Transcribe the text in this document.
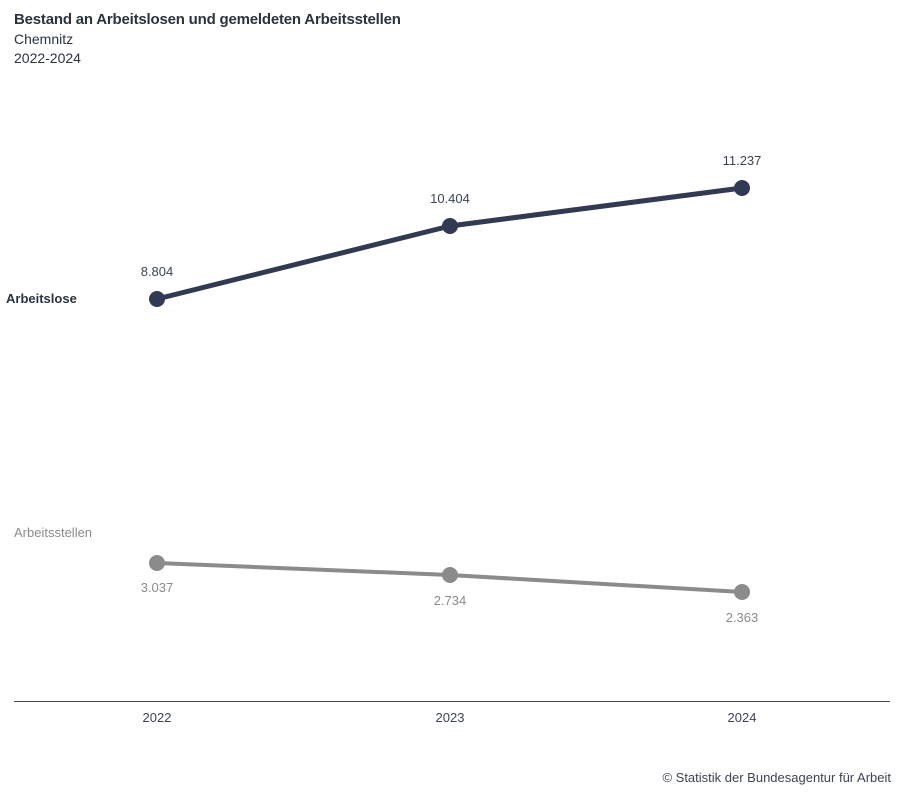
Bestand an Arbeitslosen und gemeldeten Arbeitsstellen
Chemnitz
2022-2024
2022	2023	2024
Arbeitslose
Arbeitsstellen
8.804
10.404
11.237
3.037
2.734
2.363
© Statistik der Bundesagentur für Arbeit
